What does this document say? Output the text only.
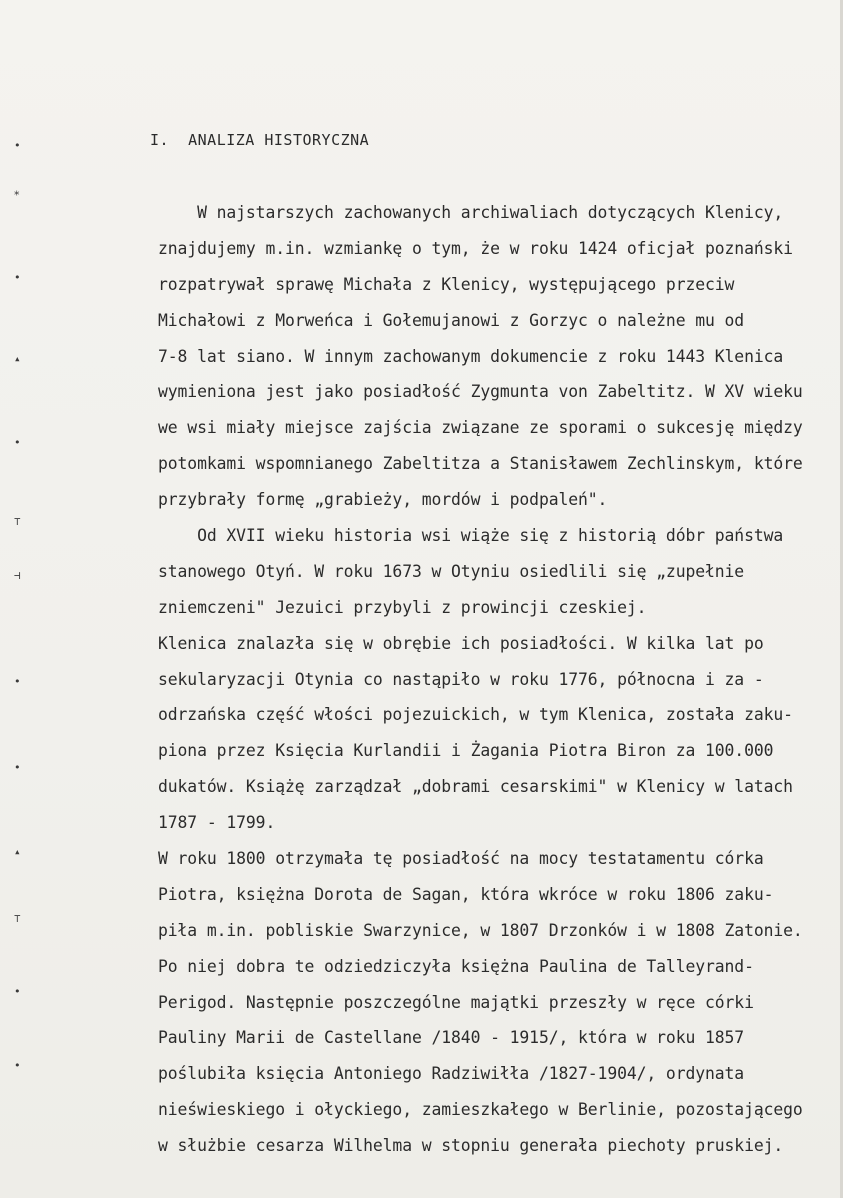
•
⁎
•
▴
•
⊤
⊣
•
•
▴
⊤
•
•
I.  ANALIZA HISTORYCZNA
W najstarszych zachowanych archiwaliach dotyczących Klenicy,
znajdujemy m.in. wzmiankę o tym, że w roku 1424 oficjał poznański
rozpatrywał sprawę Michała z Klenicy, występującego przeciw
Michałowi z Morweńca i Gołemujanowi z Gorzyc o należne mu od
7-8 lat siano. W innym zachowanym dokumencie z roku 1443 Klenica
wymieniona jest jako posiadłość Zygmunta von Zabeltitz. W XV wieku
we wsi miały miejsce zajścia związane ze sporami o sukcesję między
potomkami wspomnianego Zabeltitza a Stanisławem Zechlinskym, które
przybrały formę „grabieży, mordów i podpaleń".
Od XVII wieku historia wsi wiąże się z historią dóbr państwa
stanowego Otyń. W roku 1673 w Otyniu osiedlili się „zupełnie
zniemczeni" Jezuici przybyli z prowincji czeskiej.
Klenica znalazła się w obrębie ich posiadłości. W kilka lat po
sekularyzacji Otynia co nastąpiło w roku 1776, północna i za -
odrzańska część włości pojezuickich, w tym Klenica, została zaku-
piona przez Księcia Kurlandii i Żagania Piotra Biron za 100.000
dukatów. Książę zarządzał „dobrami cesarskimi" w Klenicy w latach
1787 - 1799.
W roku 1800 otrzymała tę posiadłość na mocy testatamentu córka
Piotra, księżna Dorota de Sagan, która wkróce w roku 1806 zaku-
piła m.in. pobliskie Swarzynice, w 1807 Drzonków i w 1808 Zatonie.
Po niej dobra te odziedziczyła księżna Paulina de Talleyrand-
Perigod. Następnie poszczególne majątki przeszły w ręce córki
Pauliny Marii de Castellane /1840 - 1915/, która w roku 1857
poślubiła księcia Antoniego Radziwiłła /1827-1904/, ordynata
nieświeskiego i ołyckiego, zamieszkałego w Berlinie, pozostającego
w służbie cesarza Wilhelma w stopniu generała piechoty pruskiej.
